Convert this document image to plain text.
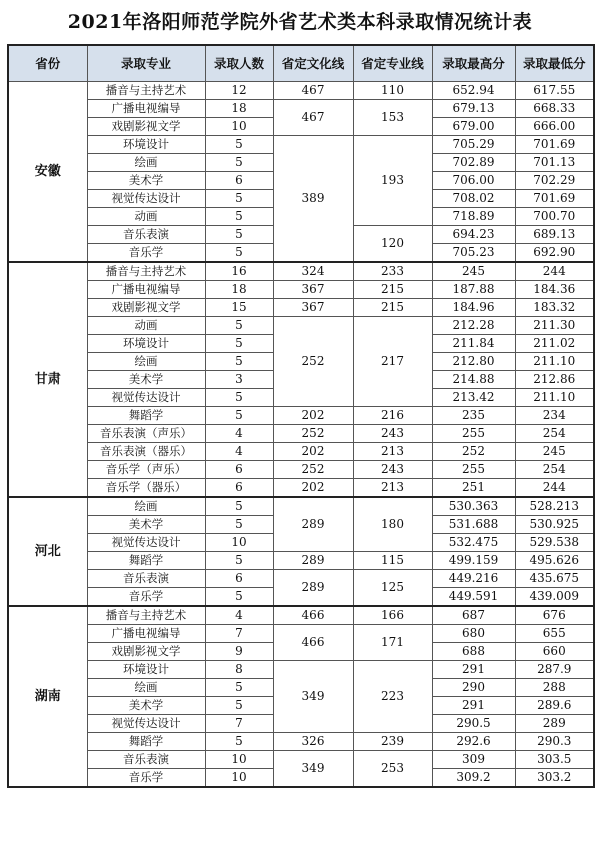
2021年洛阳师范学院外省艺术类本科录取情况统计表
省份	录取专业	录取人数	省定文化线	省定专业线	录取最高分	录取最低分
安徽	播音与主持艺术	12	467	110	652.94	617.55
	广播电视编导	18	467	153	679.13	668.33
	戏剧影视文学	10			679.00	666.00
	环境设计	5	389	193	705.29	701.69
	绘画	5			702.89	701.13
	美术学	6			706.00	702.29
	视觉传达设计	5			708.02	701.69
	动画	5			718.89	700.70
	音乐表演	5		120	694.23	689.13
	音乐学	5			705.23	692.90
甘肃	播音与主持艺术	16	324	233	245	244
	广播电视编导	18	367	215	187.88	184.36
	戏剧影视文学	15	367	215	184.96	183.32
	动画	5	252	217	212.28	211.30
	环境设计	5			211.84	211.02
	绘画	5			212.80	211.10
	美术学	3			214.88	212.86
	视觉传达设计	5			213.42	211.10
	舞蹈学	5	202	216	235	234
	音乐表演（声乐）	4	252	243	255	254
	音乐表演（器乐）	4	202	213	252	245
	音乐学（声乐）	6	252	243	255	254
	音乐学（器乐）	6	202	213	251	244
河北	绘画	5	289	180	530.363	528.213
	美术学	5			531.688	530.925
	视觉传达设计	10			532.475	529.538
	舞蹈学	5	289	115	499.159	495.626
	音乐表演	6	289	125	449.216	435.675
	音乐学	5			449.591	439.009
湖南	播音与主持艺术	4	466	166	687	676
	广播电视编导	7	466	171	680	655
	戏剧影视文学	9			688	660
	环境设计	8	349	223	291	287.9
	绘画	5			290	288
	美术学	5			291	289.6
	视觉传达设计	7			290.5	289
	舞蹈学	5	326	239	292.6	290.3
	音乐表演	10	349	253	309	303.5
	音乐学	10			309.2	303.2
